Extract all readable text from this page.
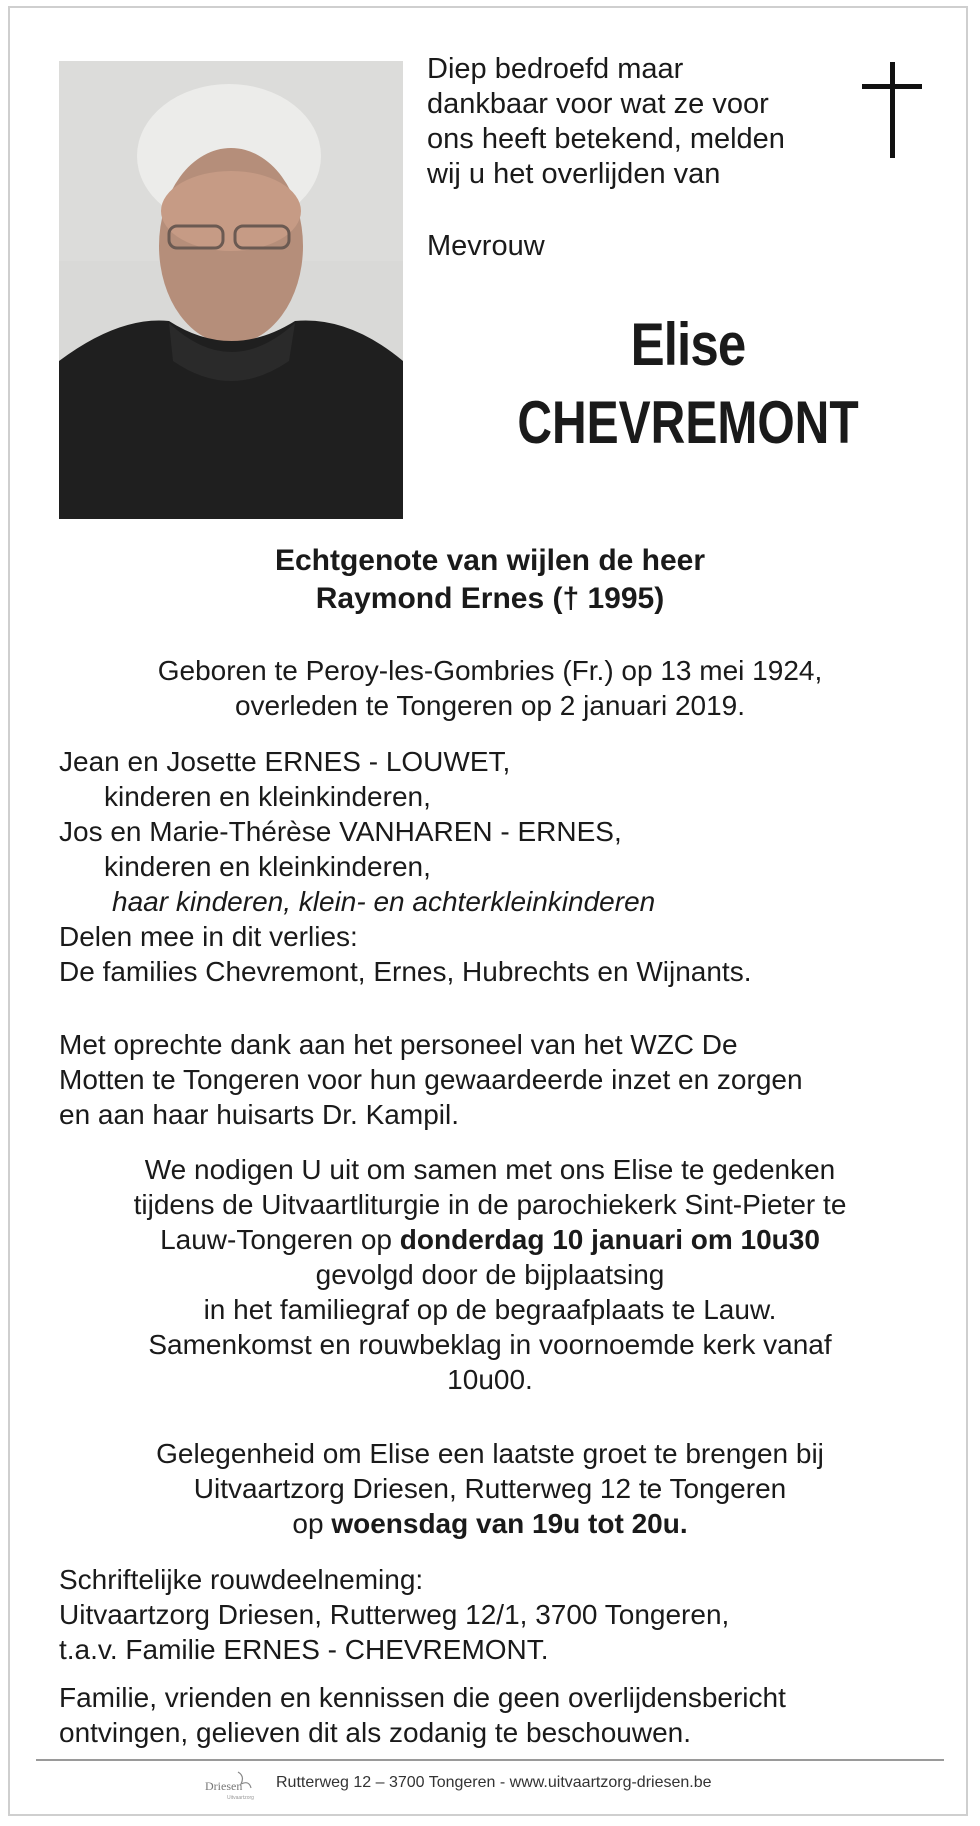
Diep bedroefd maar
dankbaar voor wat ze voor
ons heeft betekend, melden
wij u het overlijden van
Mevrouw
Elise
CHEVREMONT
Echtgenote van wijlen de heer
Raymond Ernes († 1995)
Geboren te Peroy-les-Gombries (Fr.) op 13 mei 1924,
overleden te Tongeren op 2 januari 2019.
Jean en Josette ERNES - LOUWET,
kinderen en kleinkinderen,
Jos en Marie-Thérèse VANHAREN - ERNES,
kinderen en kleinkinderen,
haar kinderen, klein- en achterkleinkinderen
Delen mee in dit verlies:
De families Chevremont, Ernes, Hubrechts en Wijnants.
Met oprechte dank aan het personeel van het WZC De
Motten te Tongeren voor hun gewaardeerde inzet en zorgen
en aan haar huisarts Dr. Kampil.
We nodigen U uit om samen met ons Elise te gedenken
tijdens de Uitvaartliturgie in de parochiekerk Sint-Pieter te
Lauw-Tongeren op donderdag 10 januari om 10u30
gevolgd door de bijplaatsing
in het familiegraf op de begraafplaats te Lauw.
Samenkomst en rouwbeklag in voornoemde kerk vanaf
10u00.
Gelegenheid om Elise een laatste groet te brengen bij
Uitvaartzorg Driesen, Rutterweg 12 te Tongeren
op woensdag van 19u tot 20u.
Schriftelijke rouwdeelneming:
Uitvaartzorg Driesen, Rutterweg 12/1, 3700 Tongeren,
t.a.v. Familie ERNES - CHEVREMONT.
Familie, vrienden en kennissen die geen overlijdensbericht
ontvingen, gelieven dit als zodanig te beschouwen.
Driesen
Uitvaartzorg
Rutterweg 12 – 3700 Tongeren - www.uitvaartzorg-driesen.be
